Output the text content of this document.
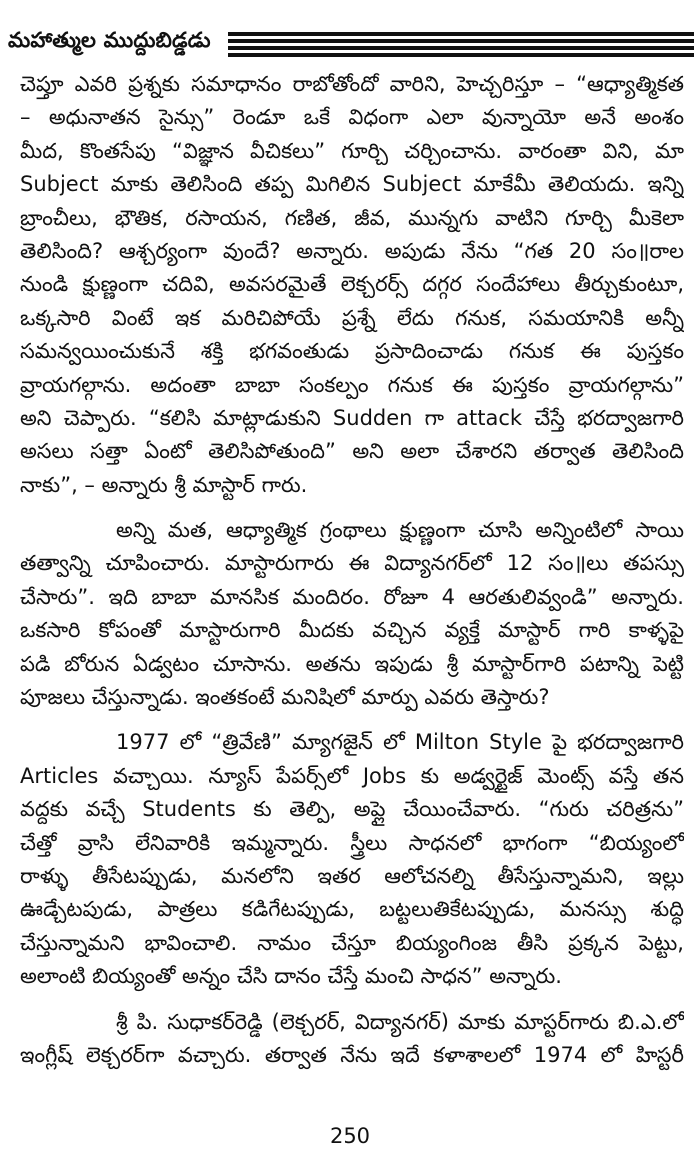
మహాత్ముల ముద్దుబిడ్డడు
చెప్తూ ఎవరి ప్రశ్నకు సమాధానం రాబోతోందో వారిని, హెచ్చరిస్తూ – “ఆధ్యాత్మికత
– అధునాతన సైన్సు” రెండూ ఒకే విధంగా ఎలా వున్నాయో అనే అంశం
మీద, కొంతసేపు “విజ్ఞాన వీచికలు” గూర్చి చర్చించాను. వారంతా విని, మా
Subject మాకు తెలిసింది తప్ప మిగిలిన Subject మాకేమీ తెలియదు. ఇన్ని
బ్రాంచీలు, భౌతిక, రసాయన, గణిత, జీవ, మున్నగు వాటిని గూర్చి మీకెలా
తెలిసింది? ఆశ్చర్యంగా వుందే? అన్నారు. అపుడు నేను “గత 20 సం॥రాల
నుండి క్షుణ్ణంగా చదివి, అవసరమైతే లెక్చరర్స్ దగ్గర సందేహాలు తీర్చుకుంటూ,
ఒక్కసారి వింటే ఇక మరిచిపోయే ప్రశ్నే లేదు గనుక, సమయానికి అన్నీ
సమన్వయించుకునే శక్తి భగవంతుడు ప్రసాదించాడు గనుక ఈ పుస్తకం
వ్రాయగల్గాను. అదంతా బాబా సంకల్పం గనుక ఈ పుస్తకం వ్రాయగల్గాను”
అని చెప్పారు. “కలిసి మాట్లాడుకుని Sudden గా attack చేస్తే భరద్వాజగారి
అసలు సత్తా ఏంటో తెలిసిపోతుంది” అని అలా చేశారని తర్వాత తెలిసింది
నాకు”, – అన్నారు శ్రీ మాస్టార్ గారు.
అన్ని మత, ఆధ్యాత్మిక గ్రంథాలు క్షుణ్ణంగా చూసి అన్నింటిలో సాయి
తత్వాన్ని చూపించారు. మాస్టారుగారు ఈ విద్యానగర్‌లో 12 సం॥లు తపస్సు
చేసారు”. ఇది బాబా మానసిక మందిరం. రోజూ 4 ఆరతులివ్వండి” అన్నారు.
ఒకసారి కోపంతో మాస్టారుగారి మీదకు వచ్చిన వ్యక్తే మాస్టార్ గారి కాళ్ళపై
పడి బోరున ఏడ్వటం చూసాను. అతను ఇపుడు శ్రీ మాస్టార్‌గారి పటాన్ని పెట్టి
పూజలు చేస్తున్నాడు. ఇంతకంటే మనిషిలో మార్పు ఎవరు తెస్తారు?
1977 లో “త్రివేణి” మ్యాగజైన్ లో Milton Style పై భరద్వాజగారి
Articles వచ్చాయి. న్యూస్ పేపర్స్‌లో Jobs కు అడ్వర్టైజ్ మెంట్స్ వస్తే తన
వద్దకు వచ్చే Students కు తెల్పి, అప్లై చేయించేవారు. “గురు చరిత్రను”
చేత్తో వ్రాసి లేనివారికి ఇమ్మన్నారు. స్త్రీలు సాధనలో భాగంగా “బియ్యంలో
రాళ్ళు తీసేటప్పుడు, మనలోని ఇతర ఆలోచనల్ని తీసేస్తున్నామని, ఇల్లు
ఊడ్చేటపుడు, పాత్రలు కడిగేటప్పుడు, బట్టలుతికేటప్పుడు, మనస్సు శుద్ధి
చేస్తున్నామని భావించాలి. నామం చేస్తూ బియ్యంగింజ తీసి ప్రక్కన పెట్టు,
అలాంటి బియ్యంతో అన్నం చేసి దానం చేస్తే మంచి సాధన” అన్నారు.
శ్రీ పి. సుధాకర్‌రెడ్డి (లెక్చరర్, విద్యానగర్) మాకు మాస్టర్‌గారు బి.ఎ.లో
ఇంగ్లీష్ లెక్చరర్‌గా వచ్చారు. తర్వాత నేను ఇదే కళాశాలలో 1974 లో హిస్టరీ
250
